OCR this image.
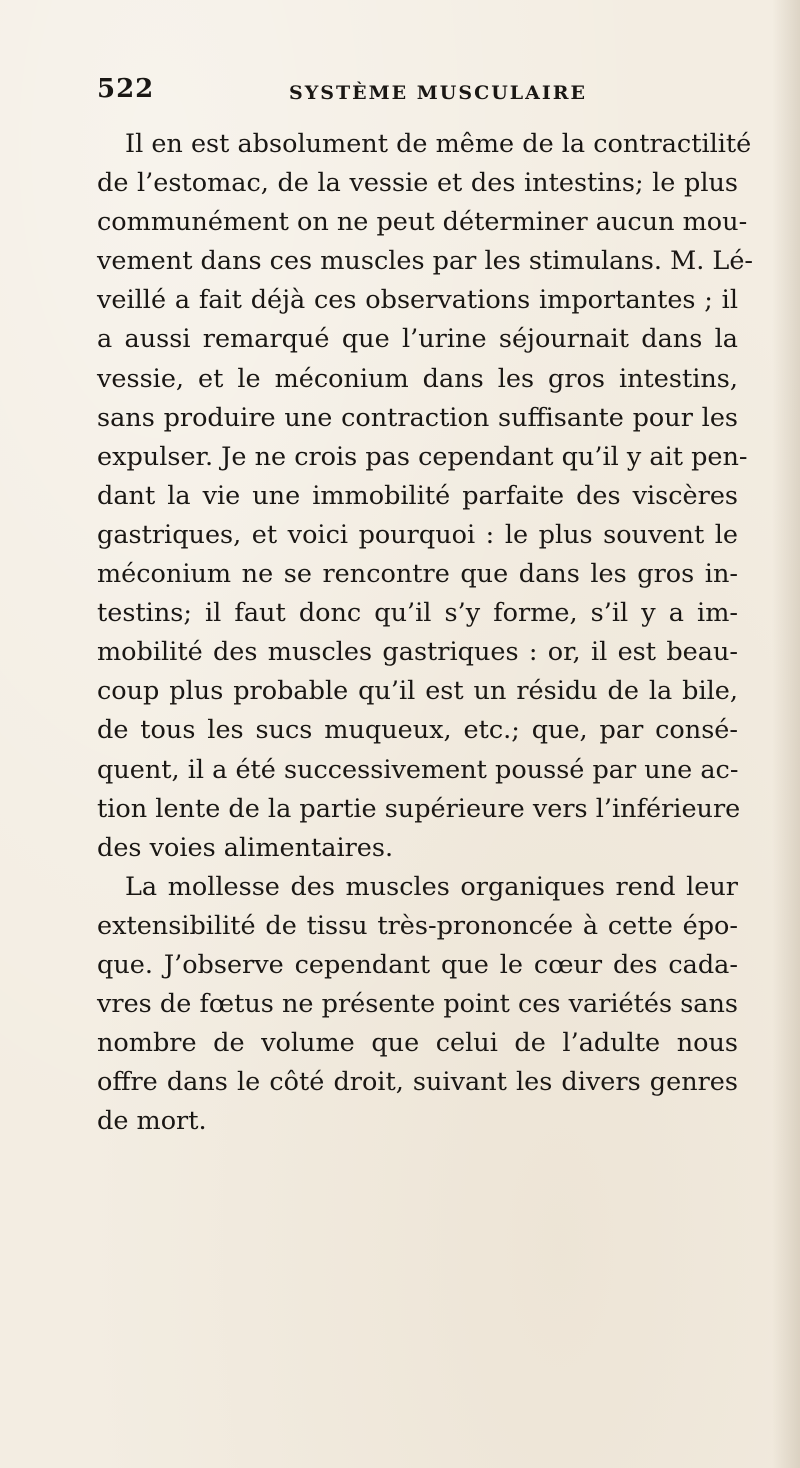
522	SYSTÈME MUSCULAIRE
Il en est absolument de même de la contractilité
de l’estomac, de la vessie et des intestins; le plus
communément on ne peut déterminer aucun mou-
vement dans ces muscles par les stimulans. M. Lé-
veillé a fait déjà ces observations importantes ; il
a aussi remarqué que l’urine séjournait dans la
vessie, et le méconium dans les gros intestins,
sans produire une contraction suffisante pour les
expulser. Je ne crois pas cependant qu’il y ait pen-
dant la vie une immobilité parfaite des viscères
gastriques, et voici pourquoi : le plus souvent le
méconium ne se rencontre que dans les gros in-
testins; il faut donc qu’il s’y forme, s’il y a im-
mobilité des muscles gastriques : or, il est beau-
coup plus probable qu’il est un résidu de la bile,
de tous les sucs muqueux, etc.; que, par consé-
quent, il a été successivement poussé par une ac-
tion lente de la partie supérieure vers l’inférieure
des voies alimentaires.
La mollesse des muscles organiques rend leur
extensibilité de tissu très-prononcée à cette épo-
que. J’observe cependant que le cœur des cada-
vres de fœtus ne présente point ces variétés sans
nombre de volume que celui de l’adulte nous
offre dans le côté droit, suivant les divers genres
de mort.
